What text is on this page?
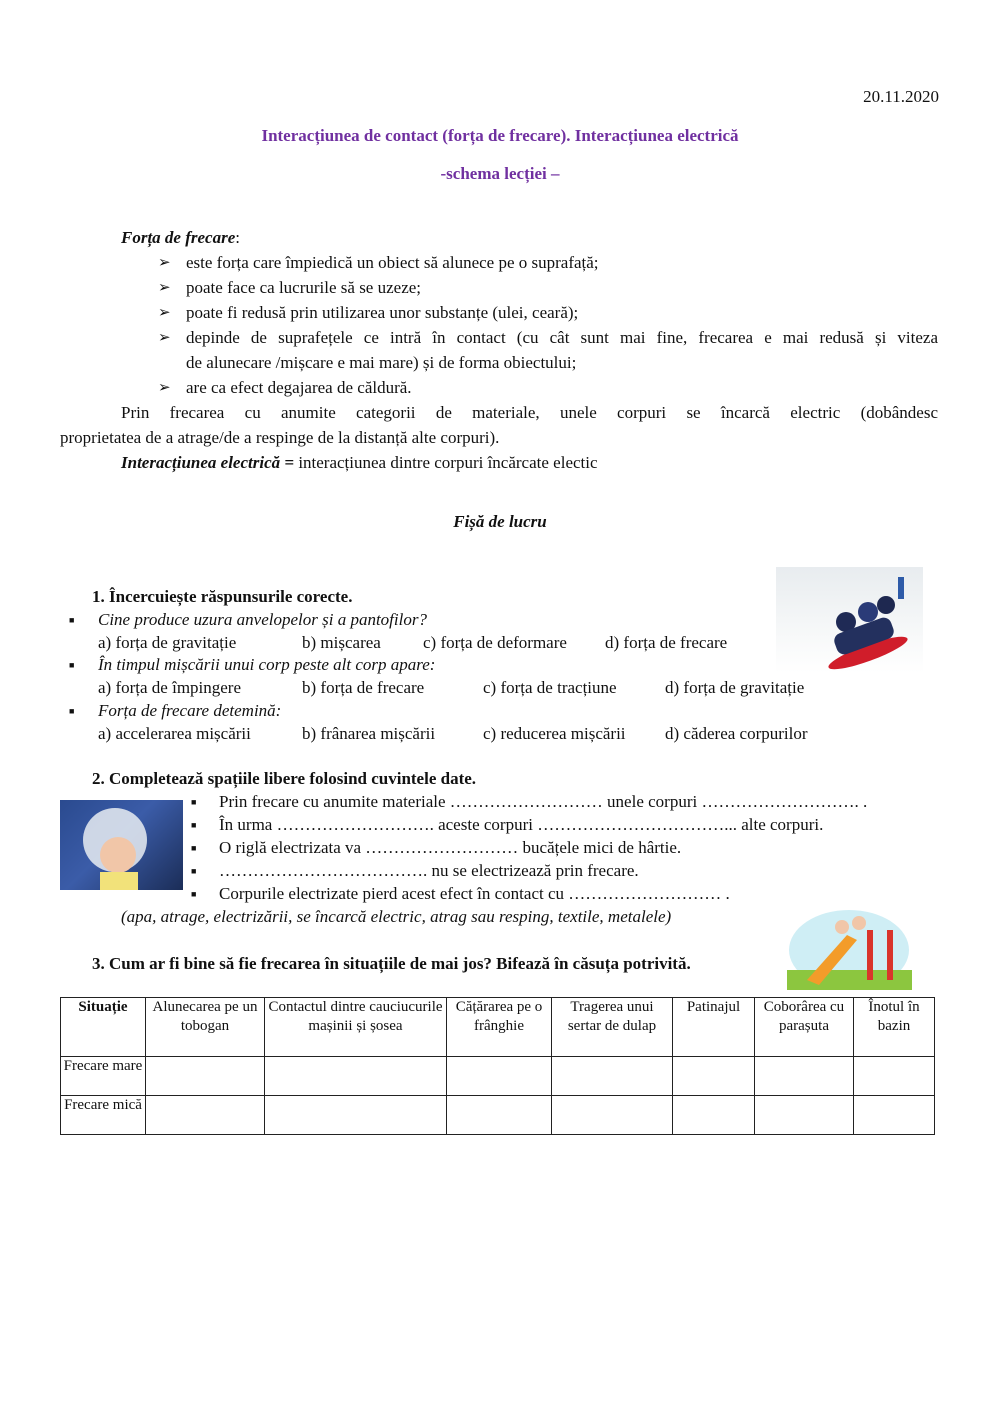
20.11.2020
Interacțiunea de contact (forța de frecare). Interacțiunea electrică
-schema lecției –
Forța de frecare:
➢ este forța care împiedică un obiect să alunece pe o suprafață;
➢ poate face ca lucrurile să se uzeze;
➢ poate fi redusă prin utilizarea unor substanțe (ulei, ceară);
➢ depinde de suprafețele ce intră în contact (cu cât sunt mai fine, frecarea e mai redusă și viteza
de alunecare /mișcare e mai mare) și de forma obiectului;
➢ are ca efect degajarea de căldură.
Prin frecarea cu anumite categorii de materiale, unele corpuri se încarcă electric (dobândesc
proprietatea de a atrage/de a respinge de la distanță alte corpuri).
Interacțiunea electrică = interacțiunea dintre corpuri încărcate electic
Fișă de lucru
1. Încercuiește răspunsurile corecte.
■ Cine produce uzura anvelopelor și a pantofilor?
a) forța de gravitație	b) mișcarea c) forța de deformare d) forța de frecare
■ În timpul mișcării unui corp peste alt corp apare:
a) forța de împingere	b) forța de frecare	c) forța de tracțiune	d) forța de gravitație
■ Forța de frecare detemină:
a) accelerarea mișcării	b) frânarea mișcării	c) reducerea mișcării d) căderea corpurilor
2. Completează spațiile libere folosind cuvintele date.
■ Prin frecare cu anumite materiale ……………………… unele corpuri ………………………. .
■ În urma ………………………. aceste corpuri ……………………………... alte corpuri.
■ O riglă electrizata va ……………………… bucățele mici de hârtie.
■ ………………………………. nu se electrizează prin frecare.
■ Corpurile electrizate pierd acest efect în contact cu ……………………… .
(apa, atrage, electrizării, se încarcă electric, atrag sau resping, textile, metalele)
3. Cum ar fi bine să fie frecarea în situațiile de mai jos? Bifează în căsuța potrivită.
Situație	Alunecarea pe un tobogan	Contactul dintre cauciucurile mașinii și șosea	Cățărarea pe o frânghie	Tragerea unui sertar de dulap	Patinajul	Coborârea cu parașuta	Înotul în bazin
Frecare mare							
Frecare mică							
